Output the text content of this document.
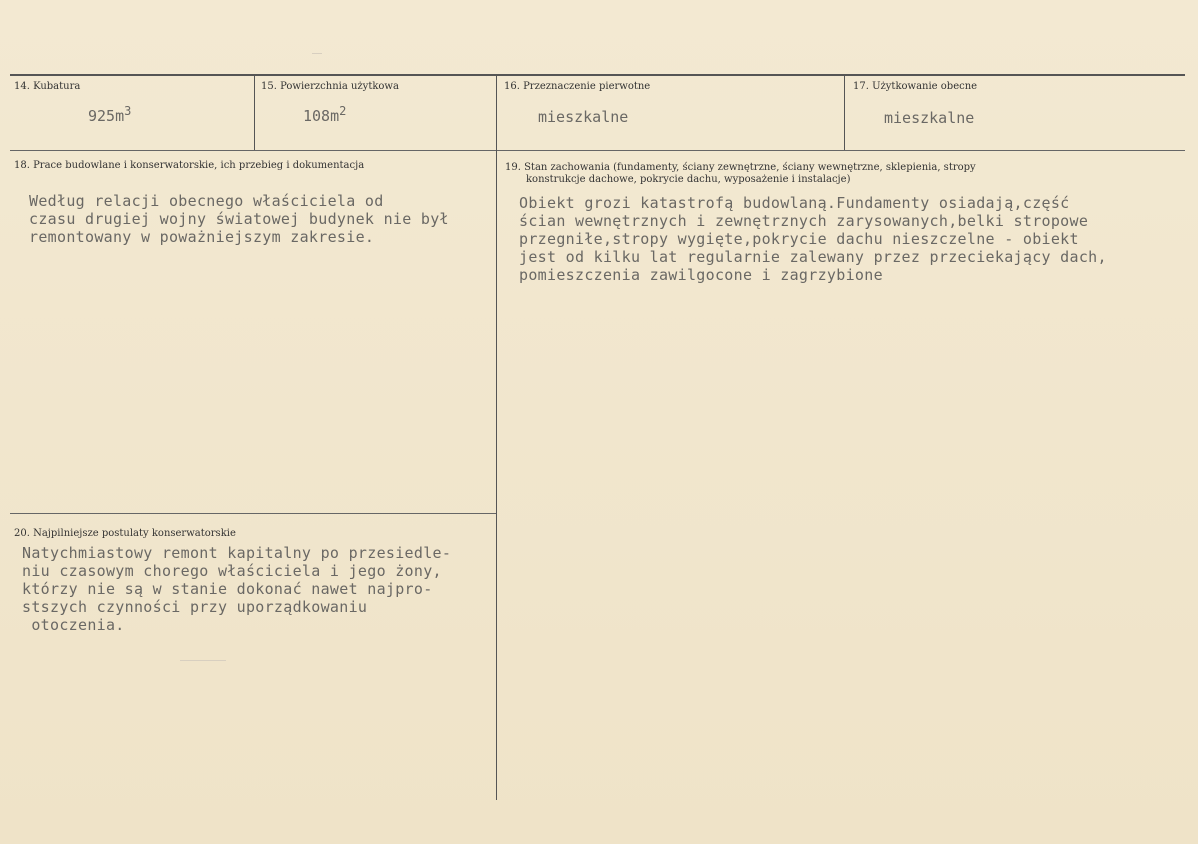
14. Kubatura
$925m^3$
15. Powierzchnia użytkowa
$108m^2$
16. Przeznaczenie pierwotne
mieszkalne
17. Użytkowanie obecne
mieszkalne
18. Prace budowlane i konserwatorskie, ich przebieg i dokumentacja
Według relacji obecnego właściciela od
czasu drugiej wojny światowej budynek nie był
remontowany w poważniejszym zakresie.
19. Stan zachowania (fundamenty, ściany zewnętrzne, ściany wewnętrzne, sklepienia, stropy
konstrukcje dachowe, pokrycie dachu, wyposażenie i instalacje)
Obiekt grozi katastrofą budowlaną.Fundamenty osiadają,część
ścian wewnętrznych i zewnętrznych zarysowanych,belki stropowe
przegniłe,stropy wygięte,pokrycie dachu nieszczelne - obiekt
jest od kilku lat regularnie zalewany przez przeciekający dach,
pomieszczenia zawilgocone i zagrzybione
20. Najpilniejsze postulaty konserwatorskie
Natychmiastowy remont kapitalny po przesiedle-
niu czasowym chorego właściciela i jego żony,
którzy nie są w stanie dokonać nawet najpro-
stszych czynności przy uporządkowaniu
otoczenia.
